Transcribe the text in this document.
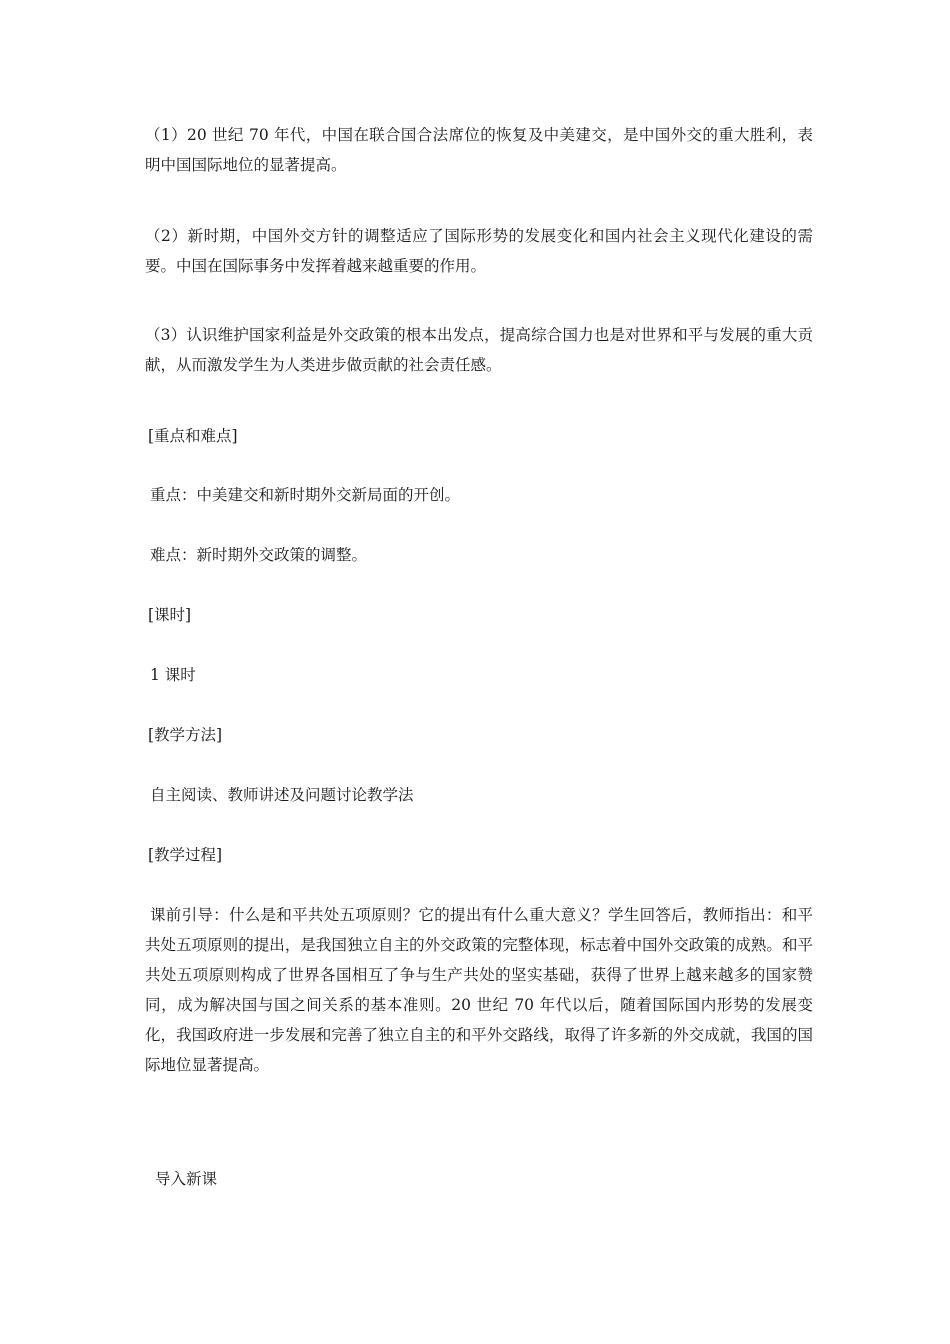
（1）20 世纪 70 年代，中国在联合国合法席位的恢复及中美建交，是中国外交的重大胜利，表明中国国际地位的显著提高。

（2）新时期，中国外交方针的调整适应了国际形势的发展变化和国内社会主义现代化建设的需要。中国在国际事务中发挥着越来越重要的作用。

（3）认识维护国家利益是外交政策的根本出发点，提高综合国力也是对世界和平与发展的重大贡献，从而激发学生为人类进步做贡献的社会责任感。

[重点和难点]

重点：中美建交和新时期外交新局面的开创。

难点：新时期外交政策的调整。

[课时]

1 课时

[教学方法]

自主阅读、教师讲述及问题讨论教学法

[教学过程]

课前引导：什么是和平共处五项原则？它的提出有什么重大意义？学生回答后，教师指出：和平共处五项原则的提出，是我国独立自主的外交政策的完整体现，标志着中国外交政策的成熟。和平共处五项原则构成了世界各国相互了争与生产共处的坚实基础，获得了世界上越来越多的国家赞同，成为解决国与国之间关系的基本准则。20 世纪 70 年代以后，随着国际国内形势的发展变化，我国政府进一步发展和完善了独立自主的和平外交路线，取得了许多新的外交成就，我国的国际地位显著提高。

导入新课
